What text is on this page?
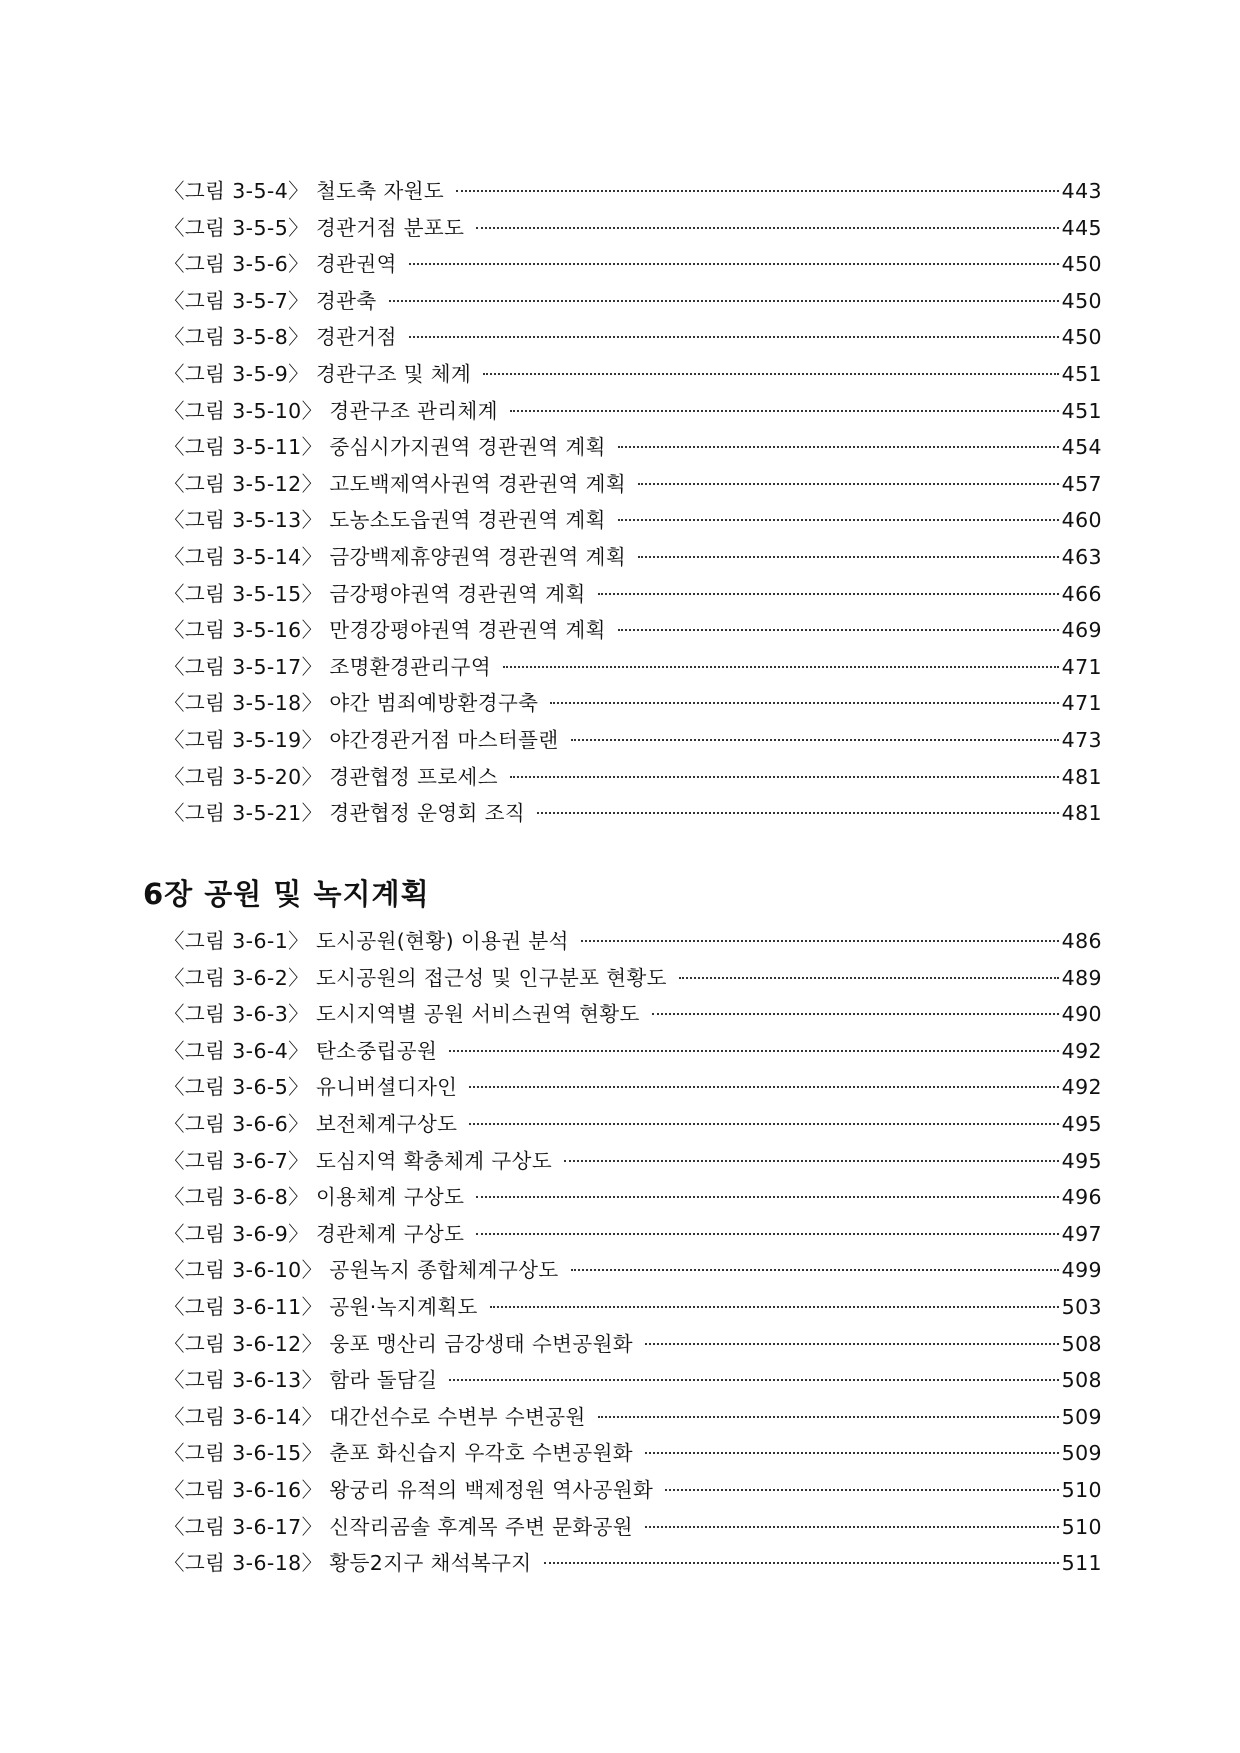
〈그림 3-5-4〉 철도축 자원도	443
〈그림 3-5-5〉 경관거점 분포도	445
〈그림 3-5-6〉 경관권역	450
〈그림 3-5-7〉 경관축	450
〈그림 3-5-8〉 경관거점	450
〈그림 3-5-9〉 경관구조 및 체계	451
〈그림 3-5-10〉 경관구조 관리체계	451
〈그림 3-5-11〉 중심시가지권역 경관권역 계획	454
〈그림 3-5-12〉 고도백제역사권역 경관권역 계획	457
〈그림 3-5-13〉 도농소도읍권역 경관권역 계획	460
〈그림 3-5-14〉 금강백제휴양권역 경관권역 계획	463
〈그림 3-5-15〉 금강평야권역 경관권역 계획	466
〈그림 3-5-16〉 만경강평야권역 경관권역 계획	469
〈그림 3-5-17〉 조명환경관리구역	471
〈그림 3-5-18〉 야간 범죄예방환경구축	471
〈그림 3-5-19〉 야간경관거점 마스터플랜	473
〈그림 3-5-20〉 경관협정 프로세스	481
〈그림 3-5-21〉 경관협정 운영회 조직	481
6장 공원 및 녹지계획
〈그림 3-6-1〉 도시공원(현황) 이용권 분석	486
〈그림 3-6-2〉 도시공원의 접근성 및 인구분포 현황도	489
〈그림 3-6-3〉 도시지역별 공원 서비스권역 현황도	490
〈그림 3-6-4〉 탄소중립공원	492
〈그림 3-6-5〉 유니버셜디자인	492
〈그림 3-6-6〉 보전체계구상도	495
〈그림 3-6-7〉 도심지역 확충체계 구상도	495
〈그림 3-6-8〉 이용체계 구상도	496
〈그림 3-6-9〉 경관체계 구상도	497
〈그림 3-6-10〉 공원녹지 종합체계구상도	499
〈그림 3-6-11〉 공원·녹지계획도	503
〈그림 3-6-12〉 웅포 맹산리 금강생태 수변공원화	508
〈그림 3-6-13〉 함라 돌담길	508
〈그림 3-6-14〉 대간선수로 수변부 수변공원	509
〈그림 3-6-15〉 춘포 화신습지 우각호 수변공원화	509
〈그림 3-6-16〉 왕궁리 유적의 백제정원 역사공원화	510
〈그림 3-6-17〉 신작리곰솔 후계목 주변 문화공원	510
〈그림 3-6-18〉 황등2지구 채석복구지	511
